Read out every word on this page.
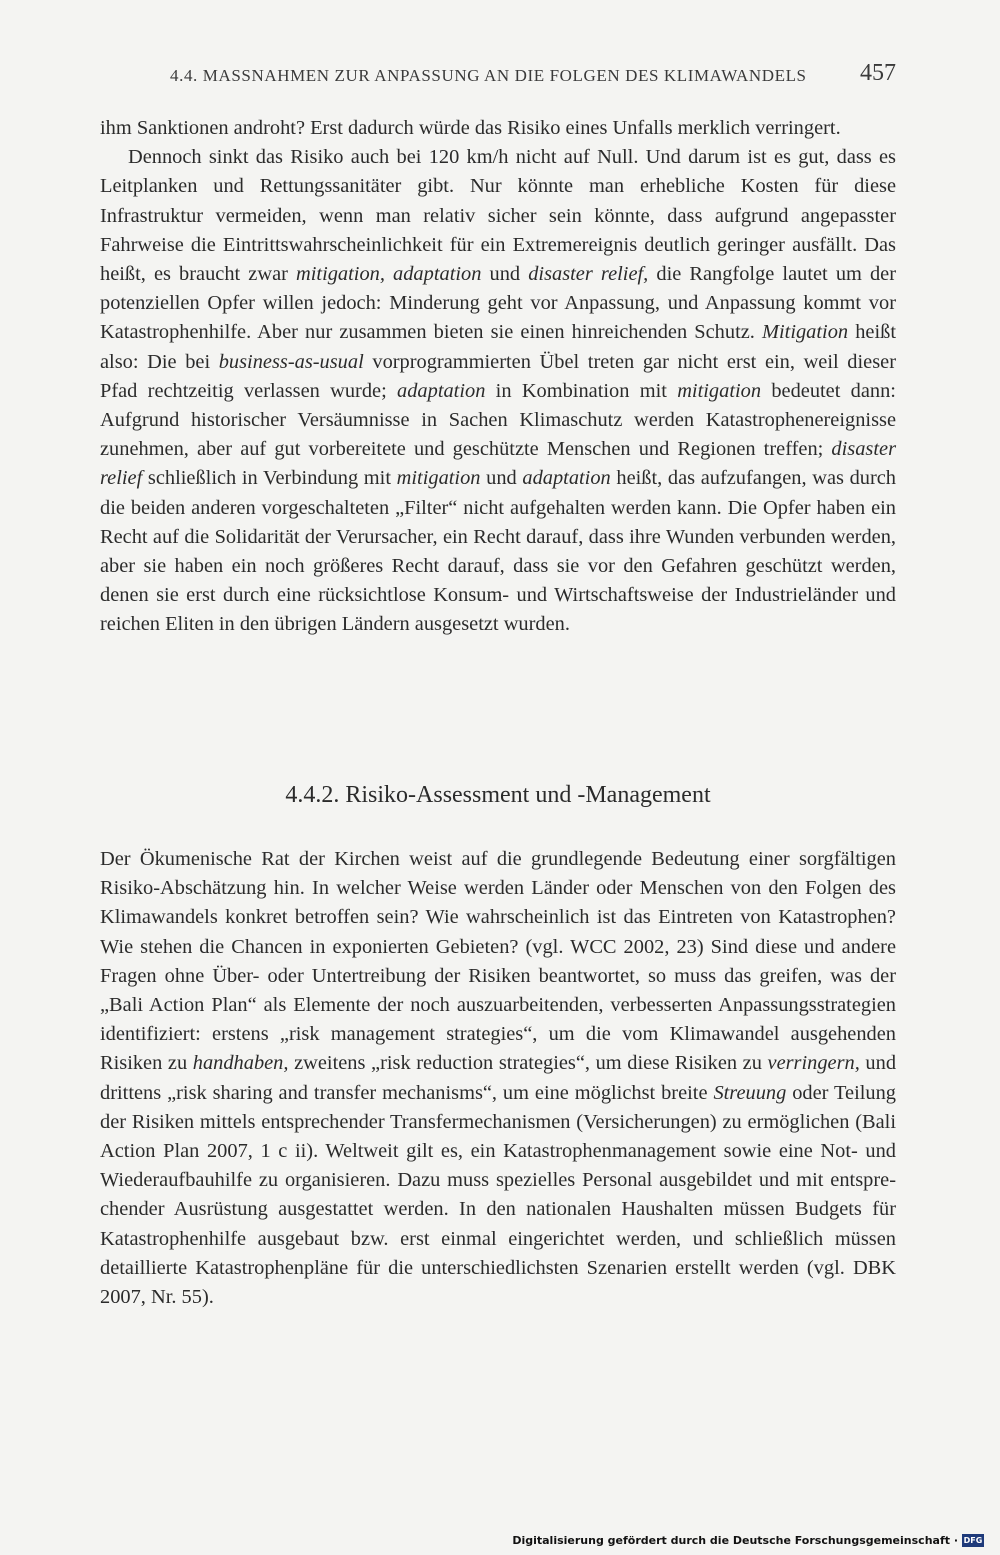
4.4. MASSNAHMEN ZUR ANPASSUNG AN DIE FOLGEN DES KLIMAWANDELS 457

ihm Sanktionen androht? Erst dadurch würde das Risiko eines Unfalls merklich verringert.

Dennoch sinkt das Risiko auch bei 120 km/h nicht auf Null. Und darum ist es gut, dass es Leitplanken und Rettungssanitäter gibt. Nur könnte man erhebliche Kosten für diese Infrastruktur vermeiden, wenn man relativ sicher sein könnte, dass aufgrund angepasster Fahrweise die Eintrittswahrscheinlichkeit für ein Extremereignis deutlich geringer ausfällt. Das heißt, es braucht zwar mitigation, adaptation und disaster relief, die Rangfolge lautet um der potenziellen Opfer willen jedoch: Minderung geht vor Anpassung, und Anpassung kommt vor Katastrophenhilfe. Aber nur zusammen bieten sie einen hinreichenden Schutz. Mitigation heißt also: Die bei business-as-usual vorprogrammierten Übel treten gar nicht erst ein, weil dieser Pfad rechtzeitig verlassen wurde; adaptation in Kombination mit mitigation bedeutet dann: Aufgrund historischer Versäumnisse in Sachen Klimaschutz werden Katastrophenereignisse zunehmen, aber auf gut vorbereitete und geschützte Menschen und Regionen treffen; disaster relief schließlich in Verbindung mit mitigation und adaptation heißt, das aufzufangen, was durch die beiden anderen vorgeschalteten „Filter“ nicht aufgehalten werden kann. Die Opfer haben ein Recht auf die Solidarität der Verursacher, ein Recht darauf, dass ihre Wunden verbunden werden, aber sie haben ein noch größeres Recht darauf, dass sie vor den Gefahren geschützt werden, denen sie erst durch eine rücksichtlose Konsum- und Wirtschaftsweise der Industrieländer und reichen Eliten in den übrigen Ländern ausgesetzt wurden.

4.4.2. Risiko-Assessment und -Management

Der Ökumenische Rat der Kirchen weist auf die grundlegende Bedeutung einer sorgfältigen Risiko-Abschätzung hin. In welcher Weise werden Länder oder Menschen von den Folgen des Klimawandels konkret betroffen sein? Wie wahrscheinlich ist das Eintreten von Katastrophen? Wie stehen die Chancen in exponierten Gebieten? (vgl. WCC 2002, 23) Sind diese und andere Fragen ohne Über- oder Untertreibung der Risiken beantwortet, so muss das greifen, was der „Bali Action Plan“ als Elemente der noch auszuarbeitenden, verbesserten Anpassungsstrategien identifiziert: erstens „risk management strategies“, um die vom Klimawandel ausgehenden Risiken zu handhaben, zweitens „risk reduction strategies“, um diese Risiken zu verringern, und drittens „risk sharing and transfer mechanisms“, um eine möglichst breite Streuung oder Teilung der Risiken mittels entsprechender Transfermechanismen (Versicherungen) zu ermöglichen (Bali Action Plan 2007, 1 c ii). Weltweit gilt es, ein Katastrophenmanagement sowie eine Not- und Wiederaufbauhilfe zu organisieren. Dazu muss spezielles Personal ausgebildet und mit entsprechender Ausrüstung ausgestattet werden. In den nationalen Haushalten müssen Budgets für Katastrophenhilfe ausgebaut bzw. erst einmal eingerichtet werden, und schließlich müssen detaillierte Katastrophenpläne für die unterschiedlichsten Szenarien erstellt werden (vgl. DBK 2007, Nr. 55).

Digitalisierung gefördert durch die Deutsche Forschungsgemeinschaft · DFG
